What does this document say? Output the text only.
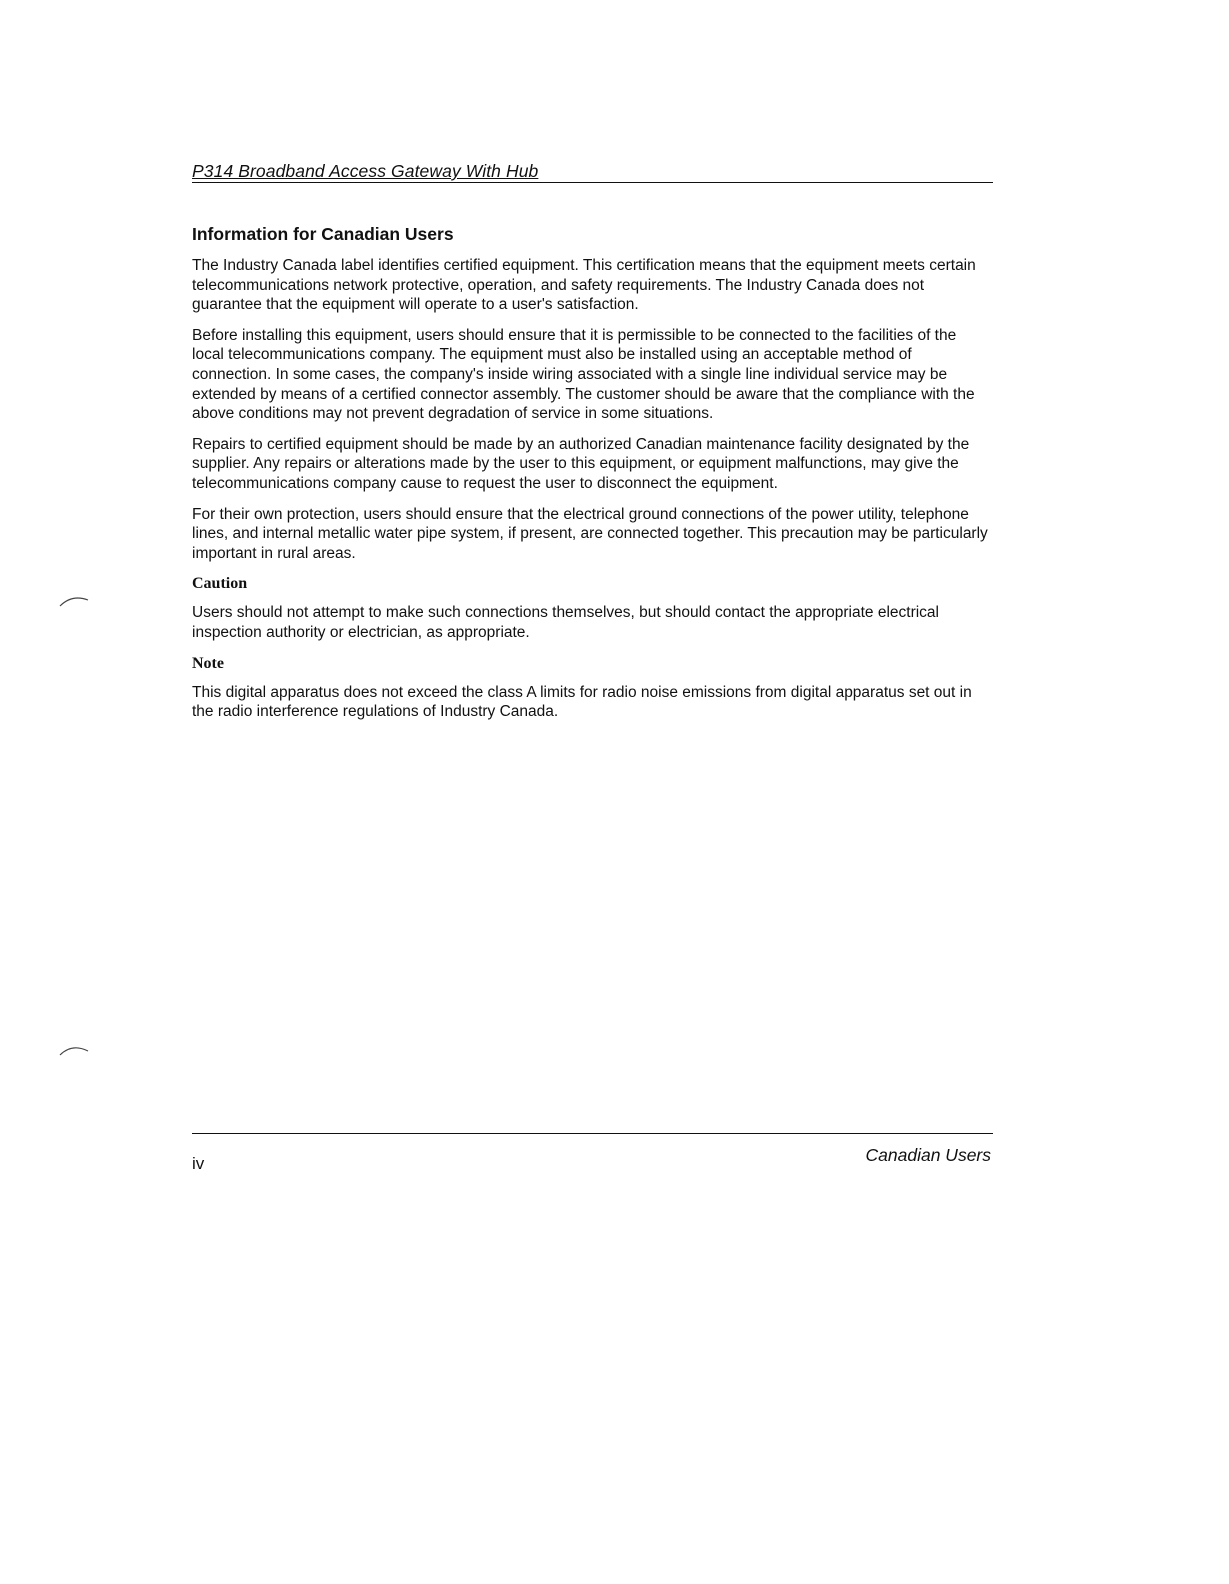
P314 Broadband Access Gateway With Hub
Information for Canadian Users

The Industry Canada label identifies certified equipment. This certification means that the equipment meets certain telecommunications network protective, operation, and safety requirements. The Industry Canada does not guarantee that the equipment will operate to a user's satisfaction.

Before installing this equipment, users should ensure that it is permissible to be connected to the facilities of the local telecommunications company. The equipment must also be installed using an acceptable method of connection. In some cases, the company's inside wiring associated with a single line individual service may be extended by means of a certified connector assembly. The customer should be aware that the compliance with the above conditions may not prevent degradation of service in some situations.

Repairs to certified equipment should be made by an authorized Canadian maintenance facility designated by the supplier. Any repairs or alterations made by the user to this equipment, or equipment malfunctions, may give the telecommunications company cause to request the user to disconnect the equipment.

For their own protection, users should ensure that the electrical ground connections of the power utility, telephone lines, and internal metallic water pipe system, if present, are connected together. This precaution may be particularly important in rural areas.

Caution

Users should not attempt to make such connections themselves, but should contact the appropriate electrical inspection authority or electrician, as appropriate.

Note

This digital apparatus does not exceed the class A limits for radio noise emissions from digital apparatus set out in the radio interference regulations of Industry Canada.

iv	Canadian Users
